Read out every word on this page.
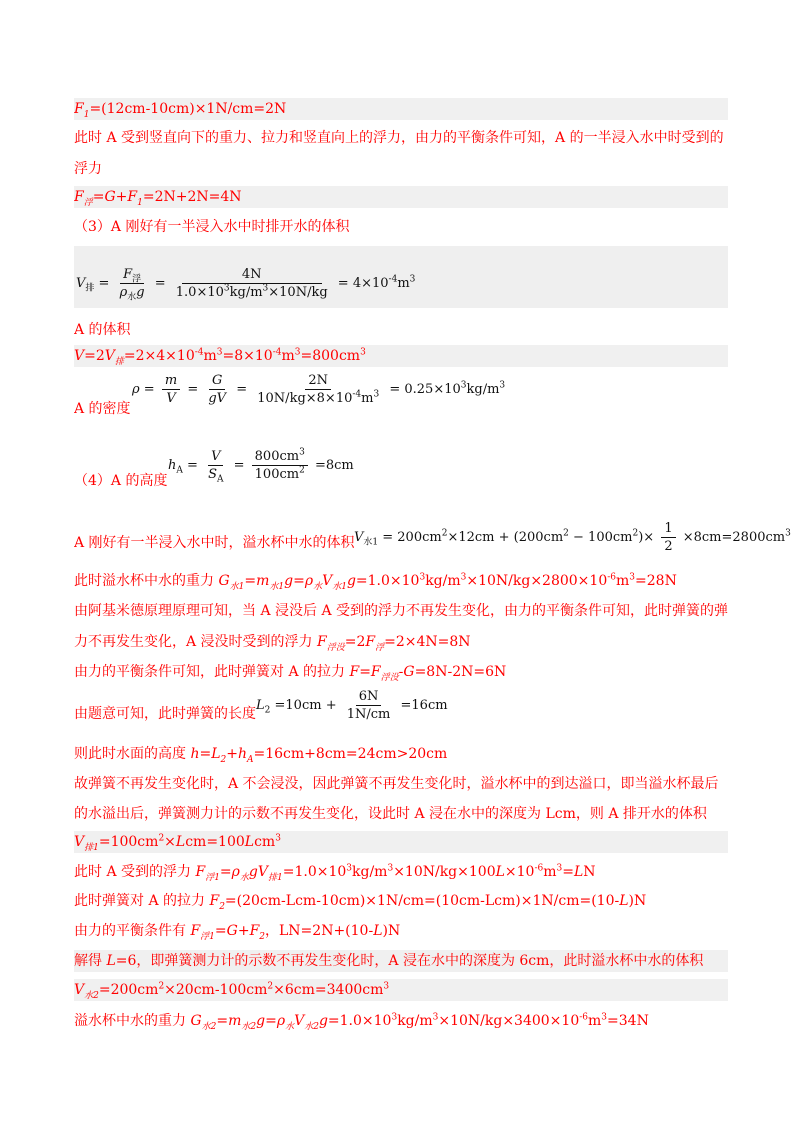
$F_1=(12cm-10cm)\times 1N/cm=2N$
此时 A 受到竖直向下的重力、拉力和竖直向上的浮力，由力的平衡条件可知，A 的一半浸入水中时受到的
浮力
$F_浮=G+F_1=2N+2N=4N$
（3）A 刚好有一半浸入水中时排开水的体积
$V_排 = \frac{F_浮}{\rho_水g} = \frac{4N}{1.0\times 10^3kg/m^3\times 10N/kg} = 4\times 10^{-4}m^3$
A 的体积
$V=2V_排=2\times 4\times 10^{-4}m^3=8\times 10^{-4}m^3=800cm^3$
A 的密度
$\rho = \frac{m}{V} = \frac{G}{gV} = \frac{2N}{10N/kg\times 8\times 10^{-4}m^3} = 0.25\times 10^3kg/m^3$
（4）A 的高度
$h_A = \frac{V}{S_A} = \frac{800cm^3}{100cm^2} =8cm$
A 刚好有一半浸入水中时，溢水杯中水的体积 $V_{水1} = 200cm^2\times 12cm + (200cm^2 - 100cm^2)\times \frac{1}{2} \times 8cm=2800cm^3$
此时溢水杯中水的重力 $G_{水1}=m_{水1}g=\rho_水V_{水1}g=1.0\times 10^3kg/m^3\times 10N/kg\times 2800\times 10^{-6}m^3=28N$
由阿基米德原理原理可知，当 A 浸没后 A 受到的浮力不再发生变化，由力的平衡条件可知，此时弹簧的弹
力不再发生变化，A 浸没时受到的浮力 $F_{浮没}=2F_浮=2\times 4N=8N$
由力的平衡条件可知，此时弹簧对 A 的拉力 $F=F_{浮没}-G=8N-2N=6N$
由题意可知，此时弹簧的长度
$L_2 =10cm + \frac{6N}{1N/cm} =16cm$
则此时水面的高度 $h=L_2+h_A=16cm+8cm=24cm>20cm$
故弹簧不再发生变化时，A 不会浸没，因此弹簧不再发生变化时，溢水杯中的到达溢口，即当溢水杯最后
的水溢出后，弹簧测力计的示数不再发生变化，设此时 A 浸在水中的深度为 Lcm，则 A 排开水的体积
$V_{排1}=100cm^2\times Lcm=100Lcm^3$
此时 A 受到的浮力 $F_{浮1}=\rho_水gV_{排1}=1.0\times 10^3kg/m^3\times 10N/kg\times 100L\times 10^{-6}m^3=LN$
此时弹簧对 A 的拉力 $F_2=(20cm-Lcm-10cm)\times 1N/cm=(10cm-Lcm)\times 1N/cm=(10-L)N$
由力的平衡条件有 $F_{浮1}=G+F_2$，LN=2N+(10-L)N
解得 L=6，即弹簧测力计的示数不再发生变化时，A 浸在水中的深度为 6cm，此时溢水杯中水的体积
$V_{水2}=200cm^2\times 20cm-100cm^2\times 6cm=3400cm^3$
溢水杯中水的重力 $G_{水2}=m_{水2}g=\rho_水V_{水2}g=1.0\times 10^3kg/m^3\times 10N/kg\times 3400\times 10^{-6}m^3=34N$
